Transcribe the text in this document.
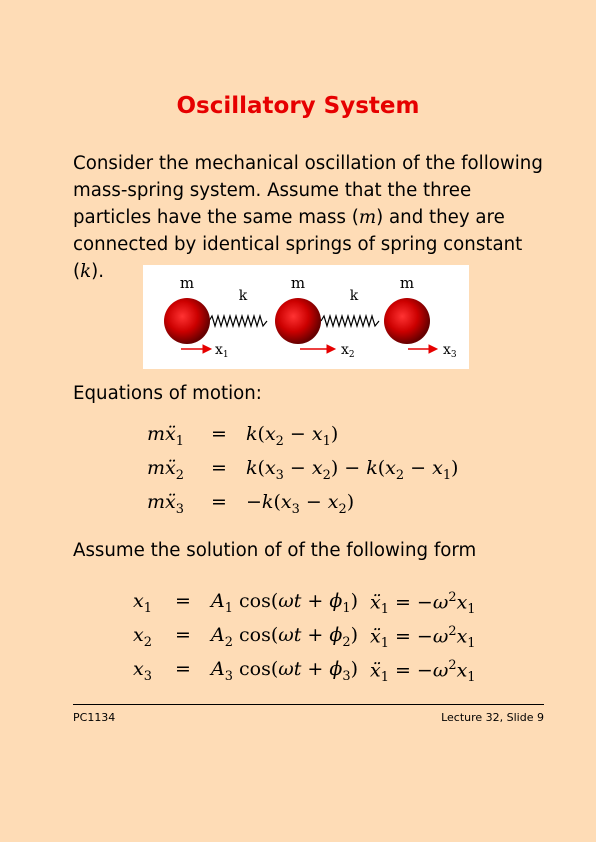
Oscillatory System
Consider the mechanical oscillation of the following mass-spring system. Assume that the three particles have the same mass (m) and they are connected by identical springs of spring constant (k).
m	m	m
k	k
$x_1$	$x_2$	$x_3$
Equations of motion:
mẍ$_1$ = $k(x_2 - x_1)$
mẍ$_2$ = $k(x_3 - x_2) - k(x_2 - x_1)$
mẍ$_3$ = $-k(x_3 - x_2)$
Assume the solution of of the following form
$x_1 = A_1$ $\cos(\omega t + \phi_1)$ ẍ$_1$ = $-\omega^2x_1$
$x_2 = A_2$ $\cos(\omega t + \phi_2)$ ẍ$_1$ = $-\omega^2x_1$
$x_3 = A_3$ $\cos(\omega t + \phi_3)$ ẍ$_1$ = $-\omega^2x_1$
PC1134	Lecture 32, Slide 9
